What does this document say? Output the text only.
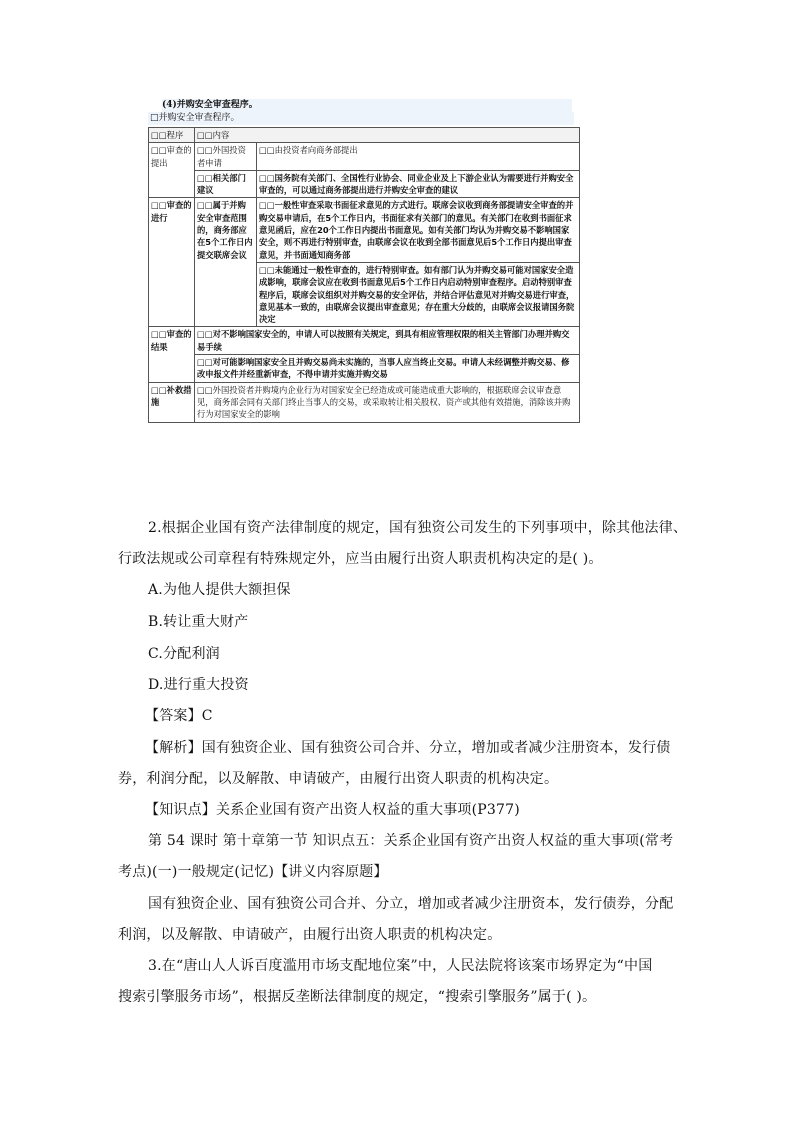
(4)并购安全审查程序。
□并购安全审查程序。
□□程序	□□内容	
□□审查的提出	□□外国投资者申请	□□由投资者向商务部提出
	□□相关部门建议	□□国务院有关部门、全国性行业协会、同业企业及上下游企业认为需要进行并购安全审查的，可以通过商务部提出进行并购安全审查的建议
□□审查的进行	□□属于并购安全审查范围的，商务部应在5个工作日内提交联席会议	□□一般性审查采取书面征求意见的方式进行。联席会议收到商务部提请安全审查的并购交易申请后，在5个工作日内，书面征求有关部门的意见。有关部门在收到书面征求意见函后，应在20个工作日内提出书面意见。如有关部门均认为并购交易不影响国家安全，则不再进行特别审查，由联席会议在收到全部书面意见后5个工作日内提出审查意见，并书面通知商务部
		□□未能通过一般性审查的，进行特别审查。如有部门认为并购交易可能对国家安全造成影响，联席会议应在收到书面意见后5个工作日内启动特别审查程序。启动特别审查程序后，联席会议组织对并购交易的安全评估，并结合评估意见对并购交易进行审查，意见基本一致的，由联席会议提出审查意见；存在重大分歧的，由联席会议报请国务院决定
□□审查的结果	□□对不影响国家安全的，申请人可以按照有关规定，到具有相应管理权限的相关主管部门办理并购交易手续	
	□□对可能影响国家安全且并购交易尚未实施的，当事人应当终止交易。申请人未经调整并购交易、修改申报文件并经重新审查，不得申请并实施并购交易	
□□补救措施	□□外国投资者并购境内企业行为对国家安全已经造成或可能造成重大影响的，根据联席会议审查意见，商务部会同有关部门终止当事人的交易，或采取转让相关股权、资产或其他有效措施，消除该并购行为对国家安全的影响	
2.根据企业国有资产法律制度的规定，国有独资公司发生的下列事项中，除其他法律、
行政法规或公司章程有特殊规定外，应当由履行出资人职责机构决定的是( )。
A.为他人提供大额担保
B.转让重大财产
C.分配利润
D.进行重大投资
【答案】C
【解析】国有独资企业、国有独资公司合并、分立，增加或者减少注册资本，发行债
券，利润分配，以及解散、申请破产，由履行出资人职责的机构决定。
【知识点】关系企业国有资产出资人权益的重大事项(P377)
第 54 课时 第十章第一节 知识点五：关系企业国有资产出资人权益的重大事项(常考
考点)(一)一般规定(记忆)【讲义内容原题】
国有独资企业、国有独资公司合并、分立，增加或者减少注册资本，发行债券，分配
利润，以及解散、申请破产，由履行出资人职责的机构决定。
3.在“唐山人人诉百度滥用市场支配地位案”中，人民法院将该案市场界定为“中国
搜索引擎服务市场”，根据反垄断法律制度的规定，“搜索引擎服务”属于( )。
